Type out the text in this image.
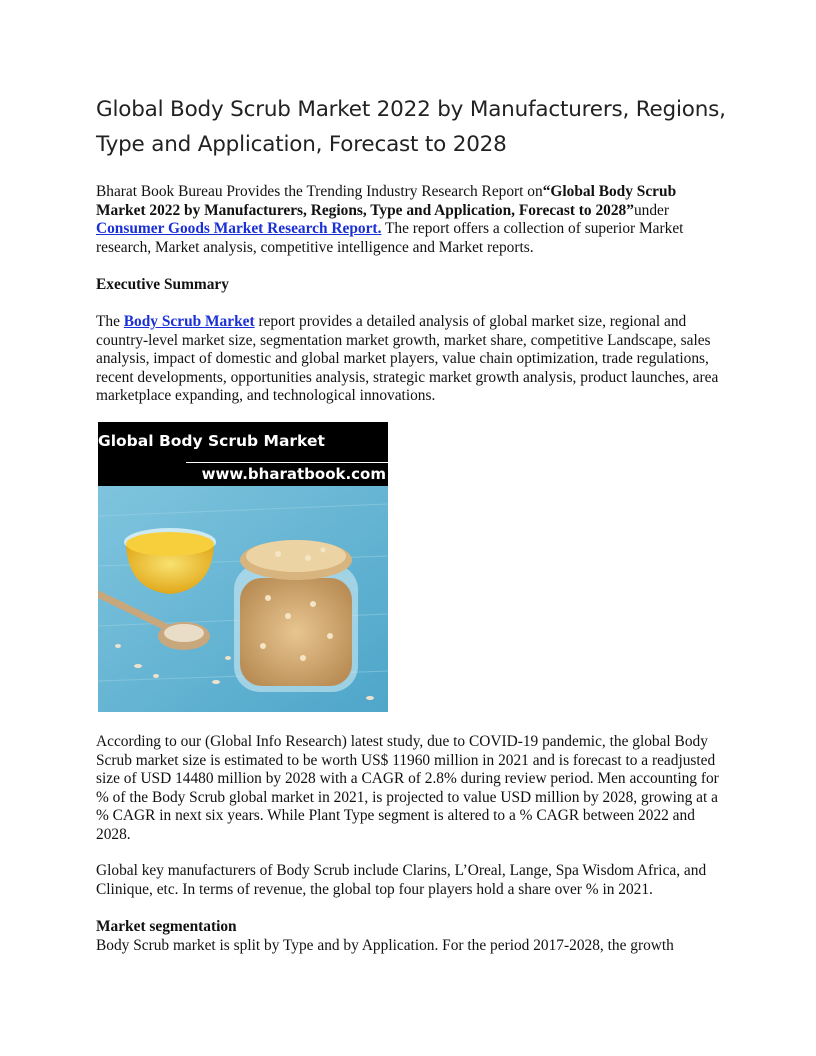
Global Body Scrub Market 2022 by Manufacturers, Regions, Type and Application, Forecast to 2028

Bharat Book Bureau Provides the Trending Industry Research Report on“Global Body Scrub Market 2022 by Manufacturers, Regions, Type and Application, Forecast to 2028”under Consumer Goods Market Research Report. The report offers a collection of superior Market research, Market analysis, competitive intelligence and Market reports.

Executive Summary

The Body Scrub Market report provides a detailed analysis of global market size, regional and country-level market size, segmentation market growth, market share, competitive Landscape, sales analysis, impact of domestic and global market players, value chain optimization, trade regulations, recent developments, opportunities analysis, strategic market growth analysis, product launches, area marketplace expanding, and technological innovations.

Global Body Scrub Market
www.bharatbook.com

According to our (Global Info Research) latest study, due to COVID-19 pandemic, the global Body Scrub market size is estimated to be worth US$ 11960 million in 2021 and is forecast to a readjusted size of USD 14480 million by 2028 with a CAGR of 2.8% during review period. Men accounting for % of the Body Scrub global market in 2021, is projected to value USD million by 2028, growing at a % CAGR in next six years. While Plant Type segment is altered to a % CAGR between 2022 and 2028.

Global key manufacturers of Body Scrub include Clarins, L’Oreal, Lange, Spa Wisdom Africa, and Clinique, etc. In terms of revenue, the global top four players hold a share over % in 2021.

Market segmentation

Body Scrub market is split by Type and by Application. For the period 2017-2028, the growth
